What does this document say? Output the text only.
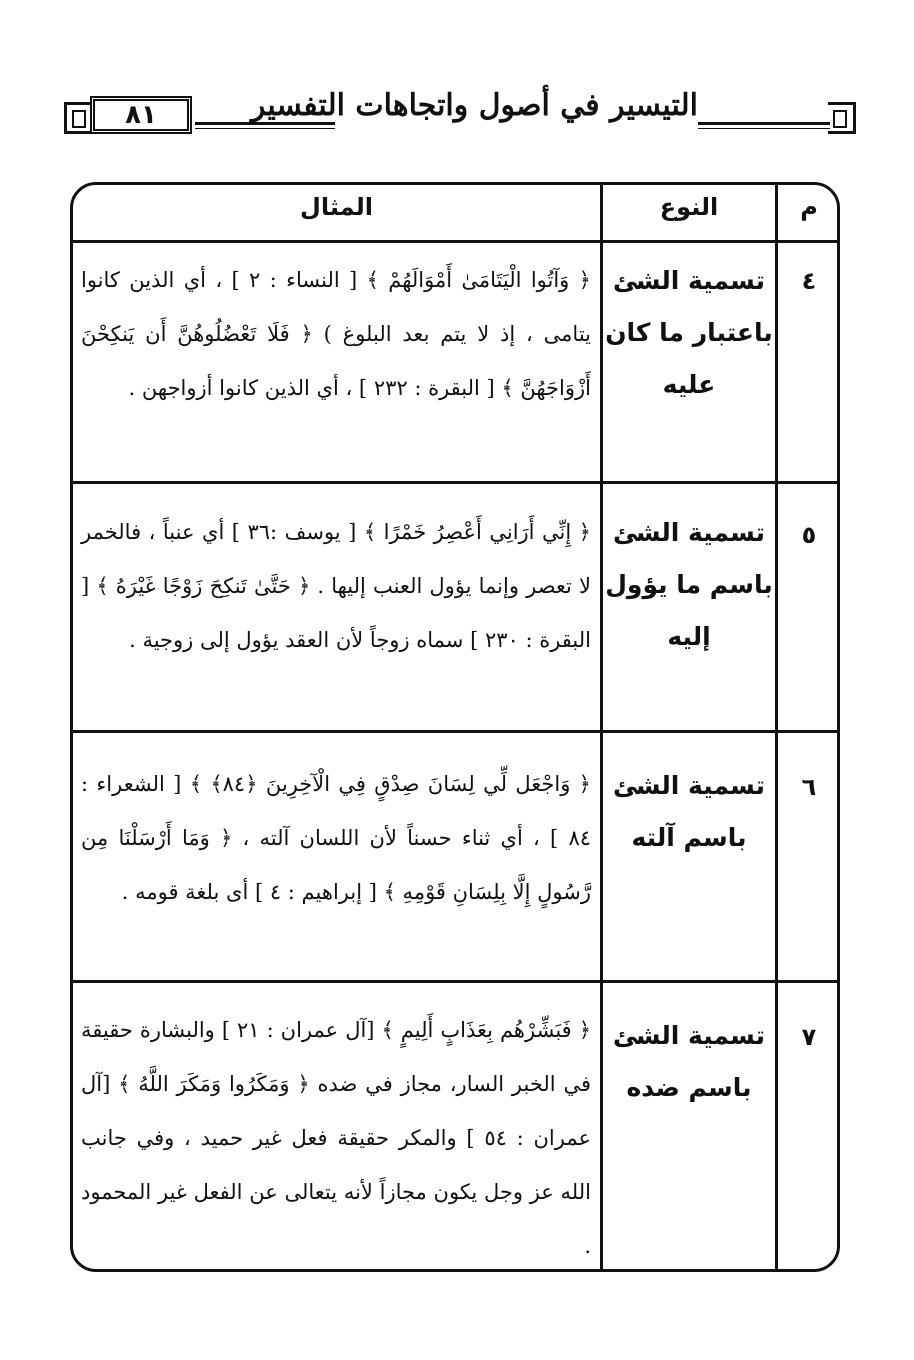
التيسير في أصول واتجاهات التفسير
٨١
م
النوع
المثال
٤
تسمية الشئ باعتبار ما كان عليه
﴿ وَآتُوا الْيَتَامَىٰ أَمْوَالَهُمْ ﴾ [ النساء : ٢ ] ، أي الذين كانوا يتامى ، إذ لا يتم بعد البلوغ ) ﴿ فَلَا تَعْضُلُوهُنَّ أَن يَنكِحْنَ أَزْوَاجَهُنَّ ﴾ [ البقرة : ٢٣٢ ] ، أي الذين كانوا أزواجهن .
٥
تسمية الشئ باسم ما يؤول إليه
﴿ إِنِّي أَرَانِي أَعْصِرُ خَمْرًا ﴾ [ يوسف :٣٦ ] أي عنباً ، فالخمر لا تعصر وإنما يؤول العنب إليها . ﴿ حَتَّىٰ تَنكِحَ زَوْجًا غَيْرَهُ ﴾ [ البقرة : ٢٣٠ ] سماه زوجاً لأن العقد يؤول إلى زوجية .
٦
تسمية الشئ باسم آلته
﴿ وَاجْعَل لِّي لِسَانَ صِدْقٍ فِي الْآخِرِينَ ﴿٨٤﴾ ﴾ [ الشعراء : ٨٤ ] ، أي ثناء حسناً لأن اللسان آلته ، ﴿ وَمَا أَرْسَلْنَا مِن رَّسُولٍ إِلَّا بِلِسَانِ قَوْمِهِ ﴾ [ إبراهيم : ٤ ] أى بلغة قومه .
٧
تسمية الشئ باسم ضده
﴿ فَبَشِّرْهُم بِعَذَابٍ أَلِيمٍ ﴾ [آل عمران : ٢١ ] والبشارة حقيقة في الخبر السار، مجاز في ضده ﴿ وَمَكَرُوا وَمَكَرَ اللَّهُ ﴾ [آل عمران : ٥٤ ] والمكر حقيقة فعل غير حميد ، وفي جانب الله عز وجل يكون مجازاً لأنه يتعالى عن الفعل غير المحمود .
